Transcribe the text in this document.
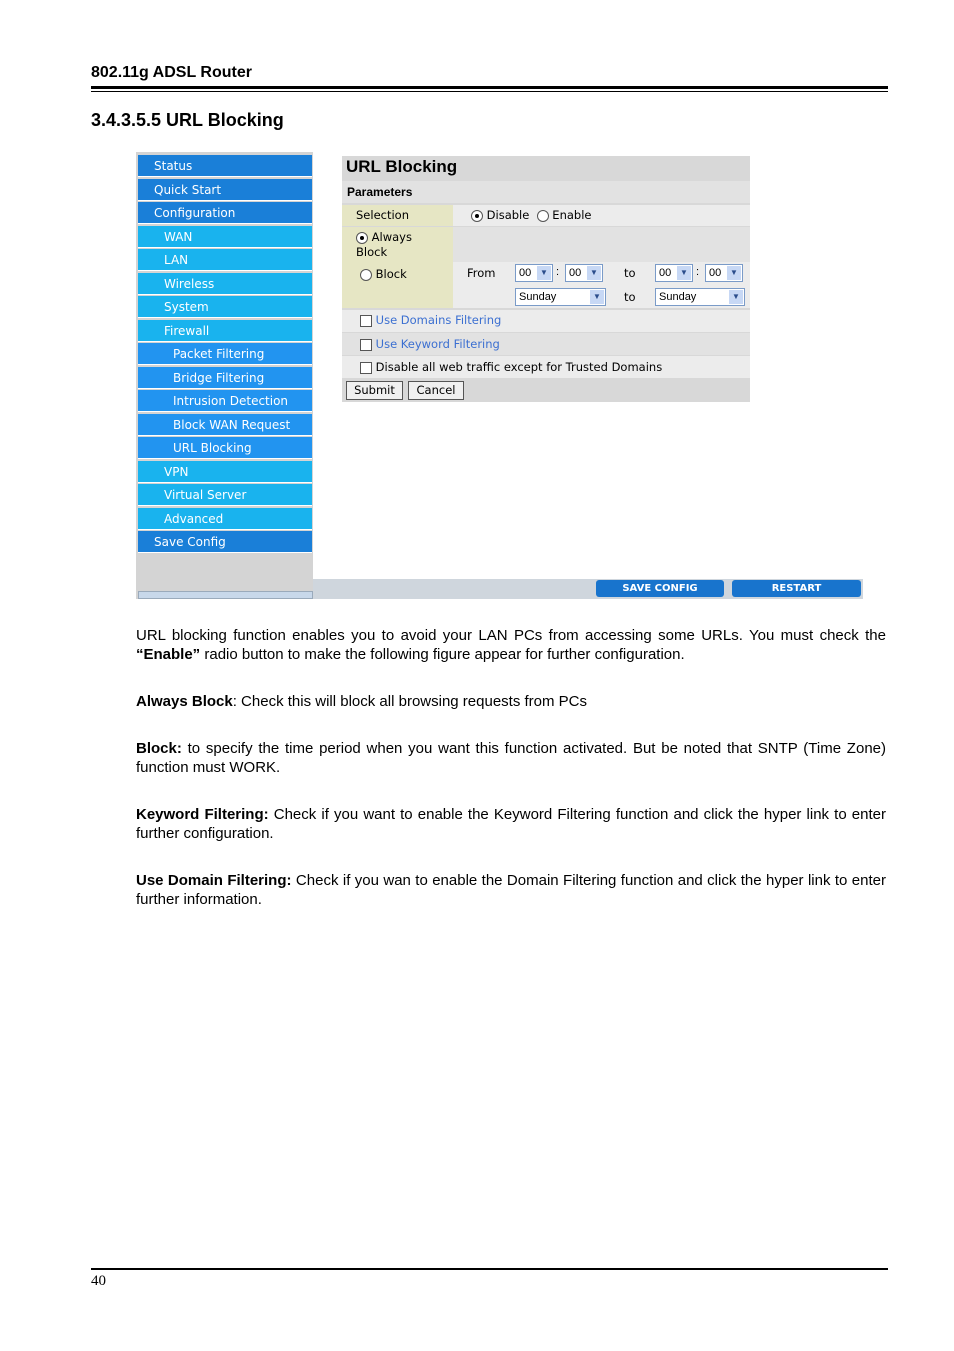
802.11g ADSL Router
3.4.3.5.5 URL Blocking
Status
Quick Start
Configuration
WAN
LAN
Wireless
System
Firewall
Packet Filtering
Bridge Filtering
Intrusion Detection
Block WAN Request
URL Blocking
VPN
Virtual Server
Advanced
Save Config
SAVE CONFIG	RESTART
URL Blocking
Parameters
Selection	Disable Enable
Always Block
Block	From	00	▼ : 00	▼ to	00	▼ : 00	▼
Sunday	▼ to	Sunday	▼
Use Domains Filtering
Use Keyword Filtering
Disable all web traffic except for Trusted Domains
Submit	Cancel
URL blocking function enables you to avoid your LAN PCs from accessing some URLs. You must check the “Enable” radio button to make the following figure appear for further configuration.
Always Block: Check this will block all browsing requests from PCs
Block: to specify the time period when you want this function activated. But be noted that SNTP (Time Zone) function must WORK.
Keyword Filtering: Check if you want to enable the Keyword Filtering function and click the hyper link to enter further configuration.
Use Domain Filtering: Check if you wan to enable the Domain Filtering function and click the hyper link to enter further information.
40
